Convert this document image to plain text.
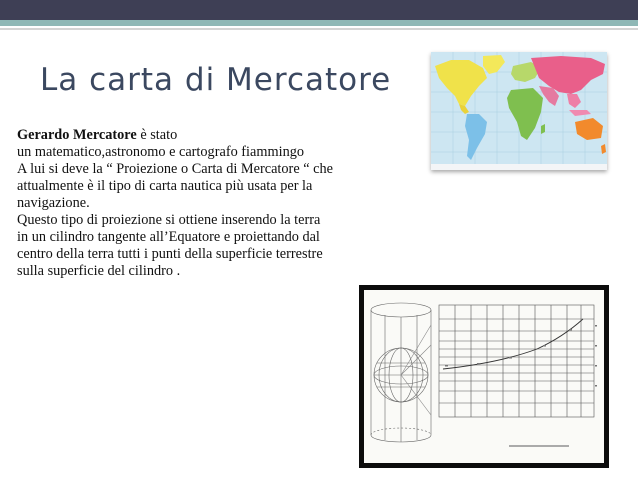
La carta di Mercatore

Gerardo Mercatore è stato

un matematico,astronomo e cartografo fiammingo

A lui si deve la “ Proiezione o Carta di Mercatore “ che

attualmente è il tipo di carta nautica più usata per la

navigazione.

Questo tipo di proiezione si ottiene inserendo la terra

in un cilindro tangente all’Equatore e proiettando dal

centro della terra tutti i punti della superficie terrestre

sulla superficie del cilindro .
